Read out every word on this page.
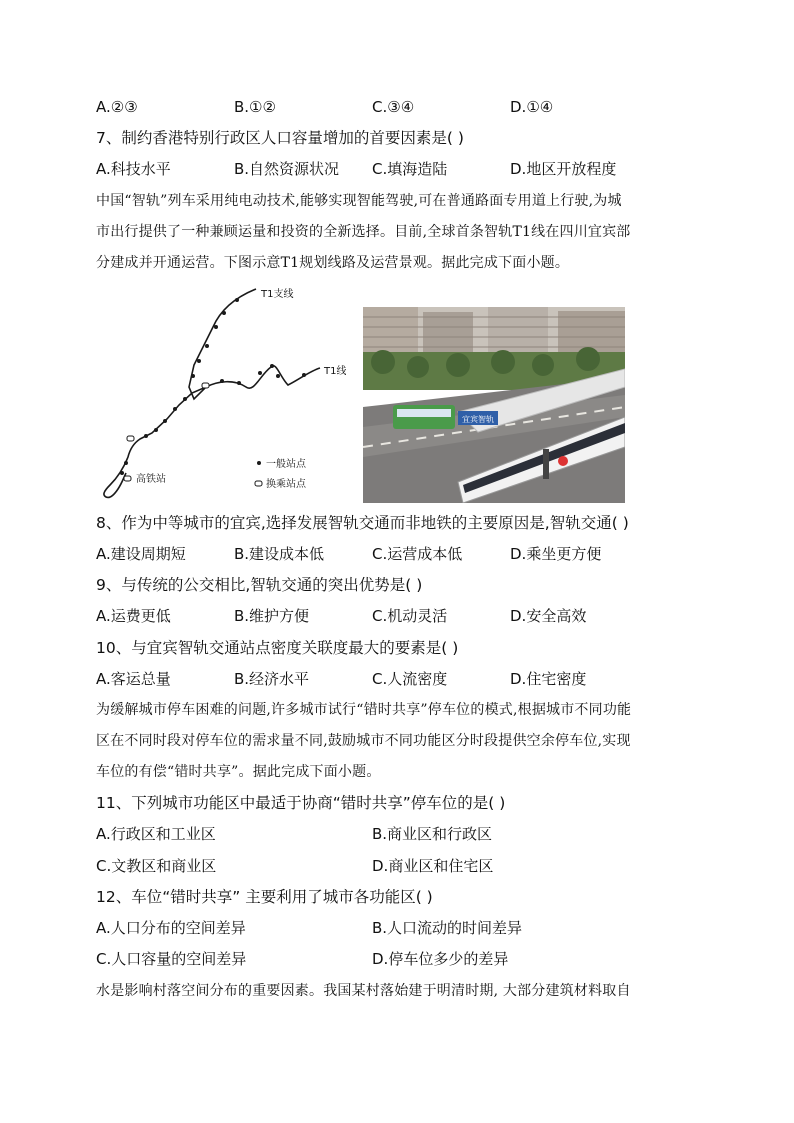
A.②③	B.①②	C.③④	D.①④
7、制约香港特别行政区人口容量增加的首要因素是( )
A.科技水平	B.自然资源状况 C.填海造陆	D.地区开放程度
中国“智轨”列车采用纯电动技术,能够实现智能驾驶,可在普通路面专用道上行驶,为城
市出行提供了一种兼顾运量和投资的全新选择。目前,全球首条智轨T1线在四川宜宾部
分建成并开通运营。下图示意T1规划线路及运营景观。据此完成下面小题。
T1支线
T1线
高铁站
一般站点
换乘站点
宜宾智轨
8、作为中等城市的宜宾,选择发展智轨交通而非地铁的主要原因是,智轨交通( )
A.建设周期短	B.建设成本低	C.运营成本低	D.乘坐更方便
9、与传统的公交相比,智轨交通的突出优势是( )
A.运费更低	B.维护方便	C.机动灵活	D.安全高效
10、与宜宾智轨交通站点密度关联度最大的要素是( )
A.客运总量	B.经济水平	C.人流密度	D.住宅密度
为缓解城市停车困难的问题,许多城市试行“错时共享”停车位的模式,根据城市不同功能
区在不同时段对停车位的需求量不同,鼓励城市不同功能区分时段提供空余停车位,实现
车位的有偿“错时共享”。据此完成下面小题。
11、下列城市功能区中最适于协商“错时共享”停车位的是( )
A.行政区和工业区	B.商业区和行政区
C.文教区和商业区	D.商业区和住宅区
12、车位“错时共享” 主要利用了城市各功能区( )
A.人口分布的空间差异	B.人口流动的时间差异
C.人口容量的空间差异	D.停车位多少的差异
水是影响村落空间分布的重要因素。我国某村落始建于明清时期, 大部分建筑材料取自
